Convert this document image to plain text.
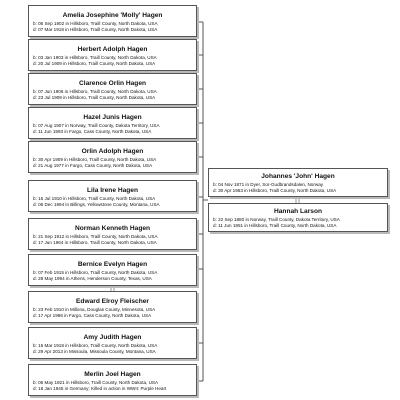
Amelia Josephine 'Molly' Hagen
b: 05 Sep 1902 in Hillsboro, Traill County, North Dakota, USA
d: 07 Mar 1918 in Hillsboro, Traill County, North Dakota, USA
Herbert Adolph Hagen
b: 03 Jan 1903 in Hillsboro, Traill County, North Dakota, USA
d: 20 Jul 1909 in Hillsboro, Traill County, North Dakota, USA
Clarence Orlin Hagen
b: 07 Jun 1906 in Hillsboro, Traill County, North Dakota, USA
d: 23 Jul 1909 in Hillsboro, Traill County, North Dakota, USA
Hazel Junis Hagen
b: 07 Aug 1907 in Norway, Traill County, Dakota Territory, USA
d: 11 Jun 1993 in Fargo, Cass County, North Dakota, USA
Orlin Adolph Hagen
b: 30 Apr 1909 in Hillsboro, Traill County, North Dakota, USA
d: 21 Aug 1977 in Fargo, Cass County, North Dakota, USA
Lila Irene Hagen
b: 15 Jul 1910 in Hillsboro, Traill County, North Dakota, USA
d: 06 Dec 1994 in Billings, Yellowstone County, Montana, USA
Norman Kenneth Hagen
b: 21 Sep 1912 in Hillsboro, Traill County, North Dakota, USA
d: 17 Jun 1964 in Hillsboro, Traill County, North Dakota, USA
Bernice Evelyn Hagen
b: 07 Feb 1915 in Hillsboro, Traill County, North Dakota, USA
d: 28 May 1994 in Athens, Henderson County, Texas, USA
Edward Elroy Fleischer
b: 23 Feb 1910 in Millona, Douglas County, Minnesota, USA
d: 17 Apr 1986 in Fargo, Cass County, North Dakota, USA
Amy Judith Hagen
b: 15 Mar 1918 in Hillsboro, Traill County, North Dakota, USA
d: 29 Apr 2013 in Missoula, Missoula County, Montana, USA
Merlin Joel Hagen
b: 06 May 1921 in Hillsboro, Traill County, North Dakota, USA
d: 18 Jan 1945 in Germany; Killed in action in WWII; Purple Heart
Johannes 'John' Hagen
b: 04 Nov 1871 in Dyer, Sor-Gudbrandsdalen, Norway
d: 30 Apr 1953 in Hillsboro, Traill County, North Dakota, USA
Hannah Larson
b: 22 Sep 1880 in Norway, Traill County, Dakota Territory, USA
d: 11 Jun 1951 in Hillsboro, Traill County, North Dakota, USA
